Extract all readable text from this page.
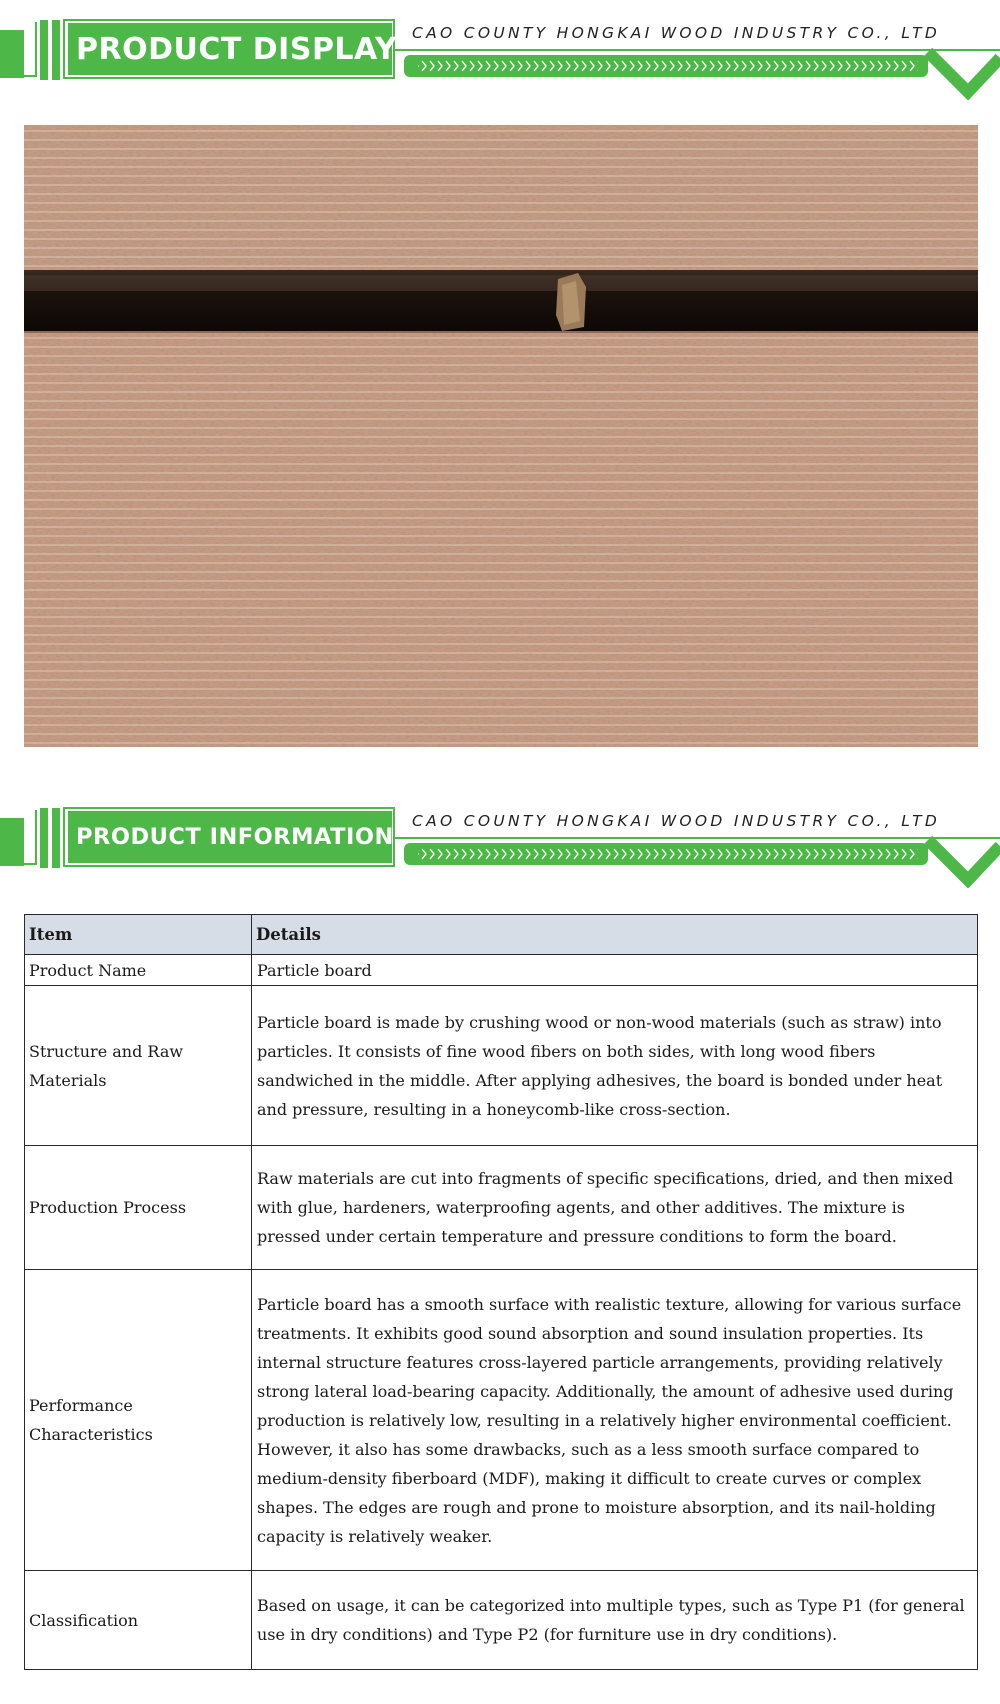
PRODUCT DISPLAY CAO COUNTY HONGKAI WOOD INDUSTRY CO., LTD
PRODUCT INFORMATION
CAO COUNTY HONGKAI WOOD INDUSTRY CO., LTD
Item	Details
Product Name	Particle board
Structure and Raw Materials	Particle board is made by crushing wood or non-wood materials (such as straw) into particles. It consists of fine wood fibers on both sides, with long wood fibers sandwiched in the middle. After applying adhesives, the board is bonded under heat and pressure, resulting in a honeycomb-like cross-section.
Production Process	Raw materials are cut into fragments of specific specifications, dried, and then mixed with glue, hardeners, waterproofing agents, and other additives. The mixture is pressed under certain temperature and pressure conditions to form the board.
Performance Characteristics	Particle board has a smooth surface with realistic texture, allowing for various surface treatments. It exhibits good sound absorption and sound insulation properties. Its internal structure features cross-layered particle arrangements, providing relatively strong lateral load-bearing capacity. Additionally, the amount of adhesive used during production is relatively low, resulting in a relatively higher environmental coefficient. However, it also has some drawbacks, such as a less smooth surface compared to medium-density fiberboard (MDF), making it difficult to create curves or complex shapes. The edges are rough and prone to moisture absorption, and its nail-holding capacity is relatively weaker.
Classification	Based on usage, it can be categorized into multiple types, such as Type P1 (for general use in dry conditions) and Type P2 (for furniture use in dry conditions).
